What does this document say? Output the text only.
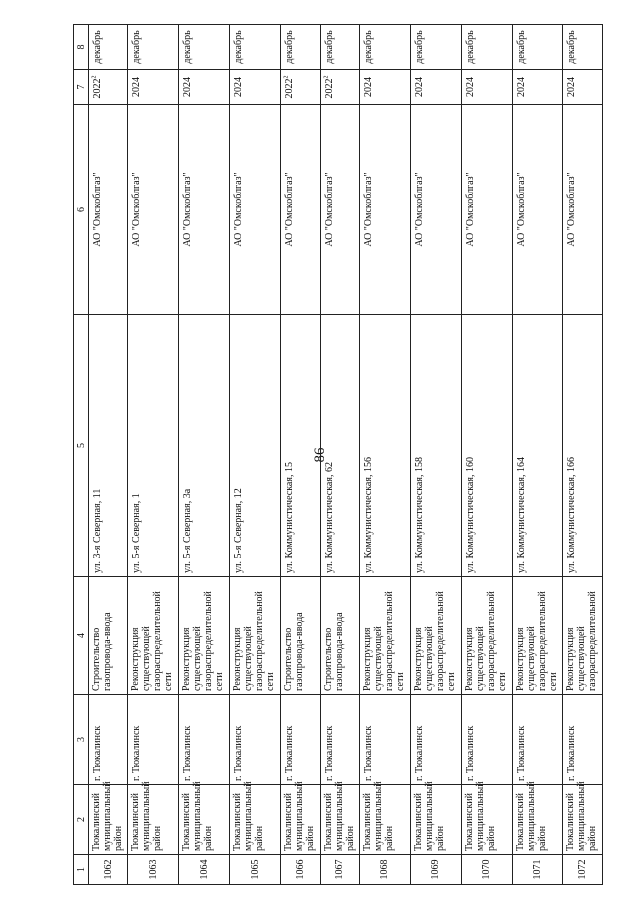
86
1	2	3	4	5	6	7	8
1062	Тюкалинский муниципальный район	г. Тюкалинск	Строительство газопровода-ввода	ул. 3-я Северная, 11	АО "Омскоблгаз"	2022$^2$	декабрь
1063	Тюкалинский муниципальный район	г. Тюкалинск	Реконструкция существующей газораспределительной сети	ул. 5-я Северная, 1	АО "Омскоблгаз"	2024	декабрь
1064	Тюкалинский муниципальный район	г. Тюкалинск	Реконструкция существующей газораспределительной сети	ул. 5-я Северная, 3а	АО "Омскоблгаз"	2024	декабрь
1065	Тюкалинский муниципальный район	г. Тюкалинск	Реконструкция существующей газораспределительной сети	ул. 5-я Северная, 12	АО "Омскоблгаз"	2024	декабрь
1066	Тюкалинский муниципальный район	г. Тюкалинск	Строительство газопровода-ввода	ул. Коммунистическая, 15	АО "Омскоблгаз"	2022$^2$	декабрь
1067	Тюкалинский муниципальный район	г. Тюкалинск	Строительство газопровода-ввода	ул. Коммунистическая, 62	АО "Омскоблгаз"	2022$^2$	декабрь
1068	Тюкалинский муниципальный район	г. Тюкалинск	Реконструкция существующей газораспределительной сети	ул. Коммунистическая, 156	АО "Омскоблгаз"	2024	декабрь
1069	Тюкалинский муниципальный район	г. Тюкалинск	Реконструкция существующей газораспределительной сети	ул. Коммунистическая, 158	АО "Омскоблгаз"	2024	декабрь
1070	Тюкалинский муниципальный район	г. Тюкалинск	Реконструкция существующей газораспределительной сети	ул. Коммунистическая, 160	АО "Омскоблгаз"	2024	декабрь
1071	Тюкалинский муниципальный район	г. Тюкалинск	Реконструкция существующей газораспределительной сети	ул. Коммунистическая, 164	АО "Омскоблгаз"	2024	декабрь
1072	Тюкалинский муниципальный район	г. Тюкалинск	Реконструкция существующей газораспределительной	ул. Коммунистическая, 166	АО "Омскоблгаз"	2024	декабрь
